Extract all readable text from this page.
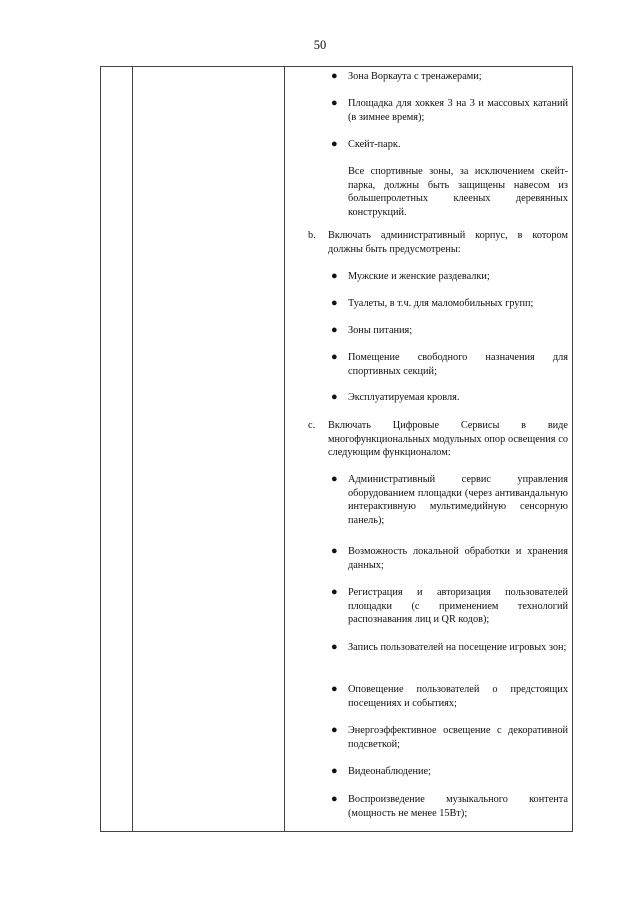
50
● Зона Воркаута с тренажерами;
● Площадка для хоккея 3 на 3 и массовых катаний (в зимнее время);
● Скейт-парк.
Все спортивные зоны, за исключением скейт-парка, должны быть защищены навесом из большепролетных клееных деревянных конструкций.
b. Включать административный корпус, в котором должны быть предусмотрены:
● Мужские и женские раздевалки;
● Туалеты, в т.ч. для маломобильных групп;
● Зоны питания;
● Помещение свободного назначения для спортивных секций;
● Эксплуатируемая кровля.
c. Включать Цифровые Сервисы в виде многофункциональных модульных опор освещения со следующим функционалом:
● Административный сервис управления оборудованием площадки (через антивандальную интерактивную мультимедийную сенсорную панель);
● Возможность локальной обработки и хранения данных;
● Регистрация и авторизация пользователей площадки (с применением технологий распознавания лиц и QR кодов);
● Запись пользователей на посещение игровых зон;
● Оповещение пользователей о предстоящих посещениях и событиях;
● Энергоэффективное освещение с декоративной подсветкой;
● Видеонаблюдение;
● Воспроизведение музыкального контента (мощность не менее 15Вт);
